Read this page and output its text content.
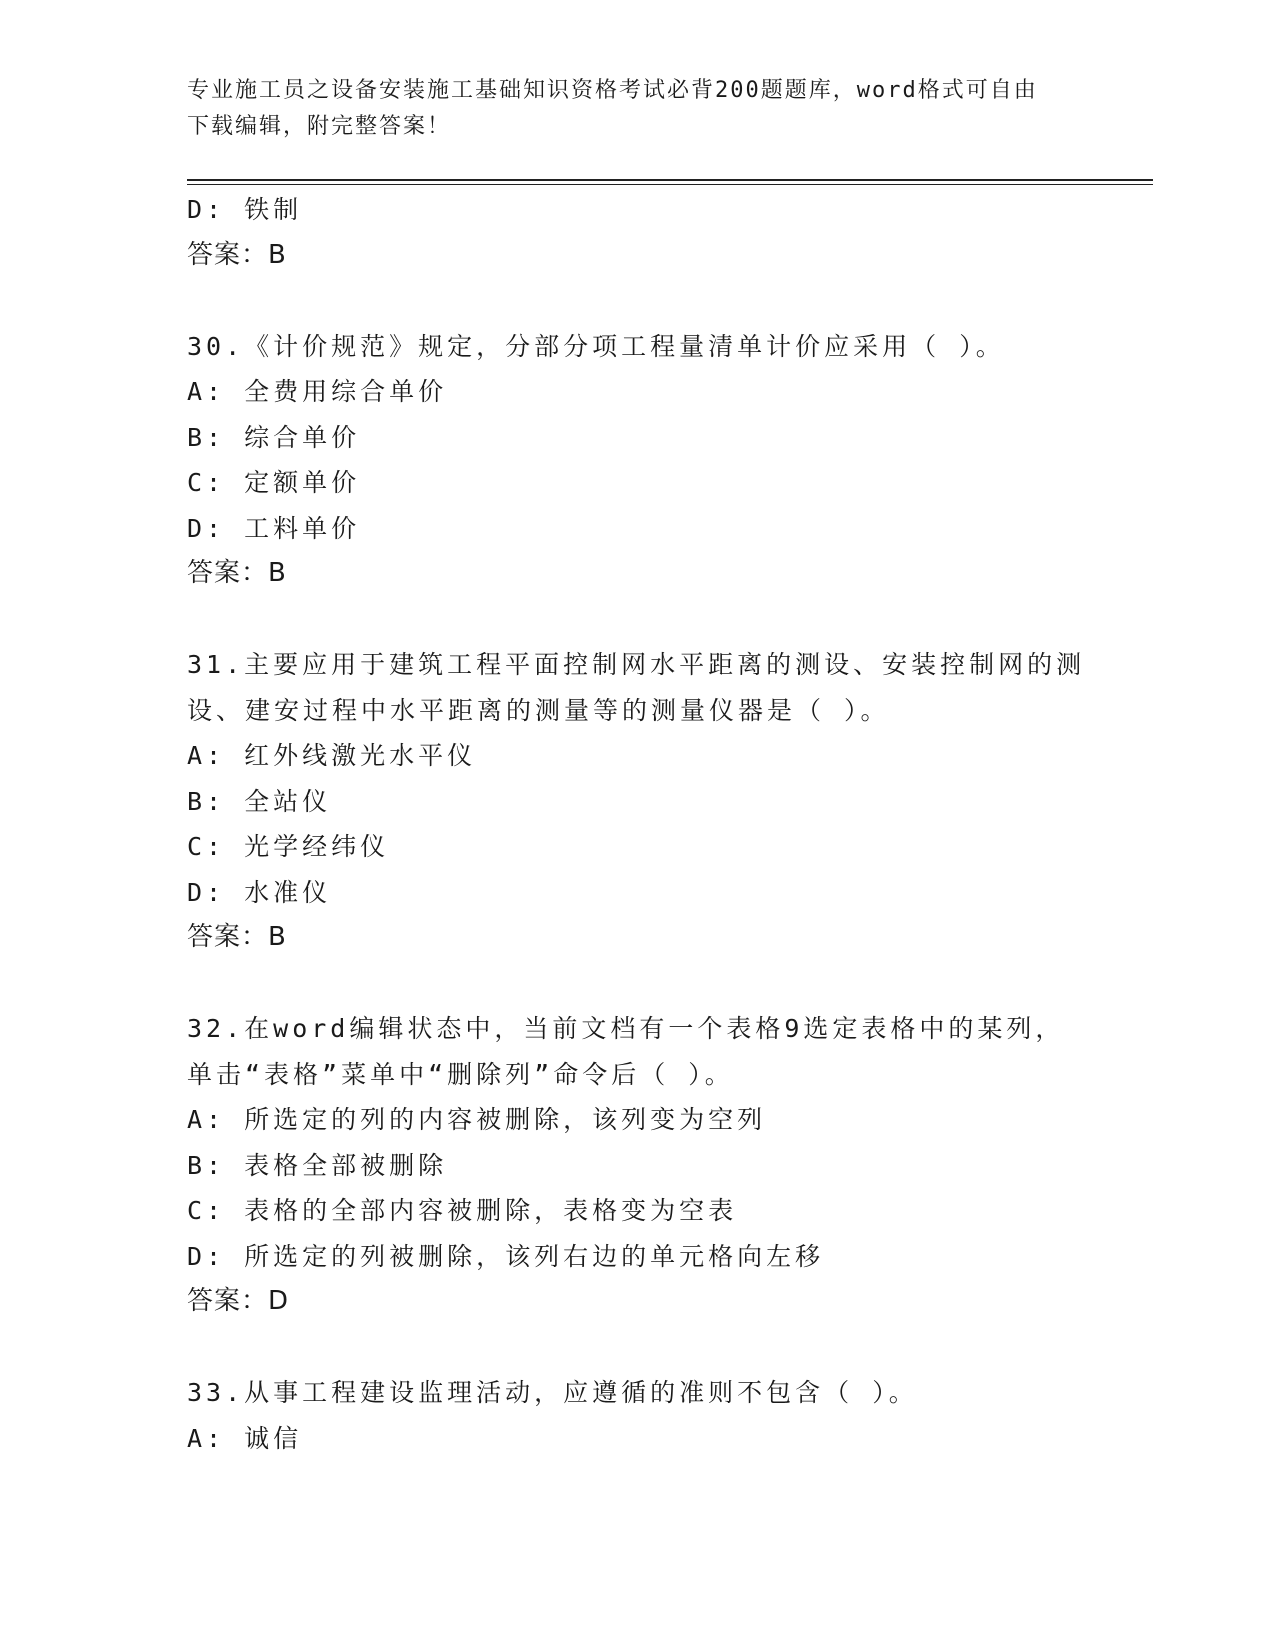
专业施工员之设备安装施工基础知识资格考试必背200题题库，word格式可自由
下载编辑，附完整答案！
D: 铁制
答案：B
30.《计价规范》规定，分部分项工程量清单计价应采用（ ）。
A: 全费用综合单价
B: 综合单价
C: 定额单价
D: 工料单价
答案：B
31.主要应用于建筑工程平面控制网水平距离的测设、安装控制网的测
设、建安过程中水平距离的测量等的测量仪器是（ ）。
A: 红外线激光水平仪
B: 全站仪
C: 光学经纬仪
D: 水准仪
答案：B
32.在word编辑状态中，当前文档有一个表格9选定表格中的某列，
单击“表格”菜单中“删除列”命令后（ ）。
A: 所选定的列的内容被删除，该列变为空列
B: 表格全部被删除
C: 表格的全部内容被删除，表格变为空表
D: 所选定的列被删除，该列右边的单元格向左移
答案：D
33.从事工程建设监理活动，应遵循的准则不包含（ ）。
A: 诚信
